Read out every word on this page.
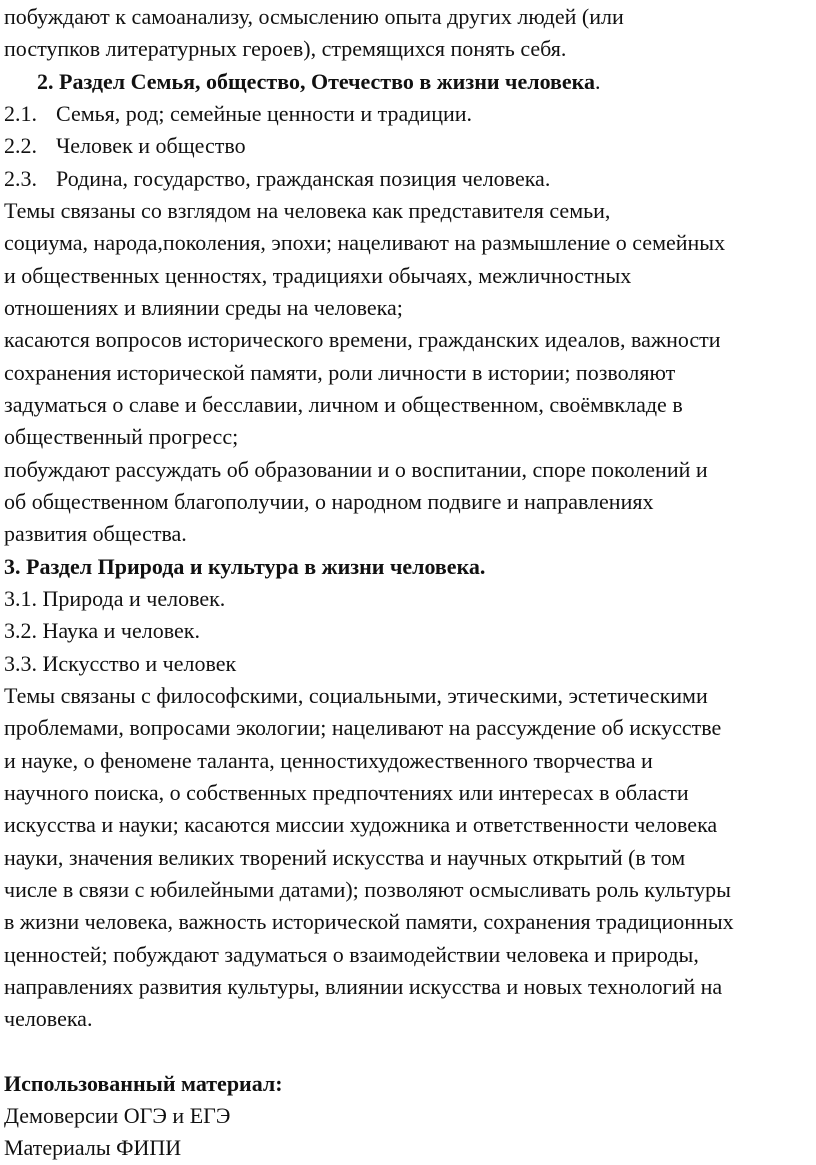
побуждают к самоанализу, осмыслению опыта других людей (или
поступков литературных героев), стремящихся понять себя.
2. Раздел Семья, общество, Отечество в жизни человека.
2.1. Семья, род; семейные ценности и традиции.
2.2. Человек и общество
2.3. Родина, государство, гражданская позиция человека.
Темы связаны со взглядом на человека как представителя семьи,
социума, народа,поколения, эпохи; нацеливают на размышление о семейных
и общественных ценностях, традицияхи обычаях, межличностных
отношениях и влиянии среды на человека;
касаются вопросов исторического времени, гражданских идеалов, важности
сохранения исторической памяти, роли личности в истории; позволяют
задуматься о славе и бесславии, личном и общественном, своёмвкладе в
общественный прогресс;
побуждают рассуждать об образовании и о воспитании, споре поколений и
об общественном благополучии, о народном подвиге и направлениях
развития общества.
3. Раздел Природа и культура в жизни человека.
3.1. Природа и человек.
3.2. Наука и человек.
3.3. Искусство и человек
Темы связаны с философскими, социальными, этическими, эстетическими
проблемами, вопросами экологии; нацеливают на рассуждение об искусстве
и науке, о феномене таланта, ценностихудожественного творчества и
научного поиска, о собственных предпочтениях или интересах в области
искусства и науки; касаются миссии художника и ответственности человека
науки, значения великих творений искусства и научных открытий (в том
числе в связи с юбилейными датами); позволяют осмысливать роль культуры
в жизни человека, важность исторической памяти, сохранения традиционных
ценностей; побуждают задуматься о взаимодействии человека и природы,
направлениях развития культуры, влиянии искусства и новых технологий на
человека.
Использованный материал:
Демоверсии ОГЭ и ЕГЭ
Материалы ФИПИ
